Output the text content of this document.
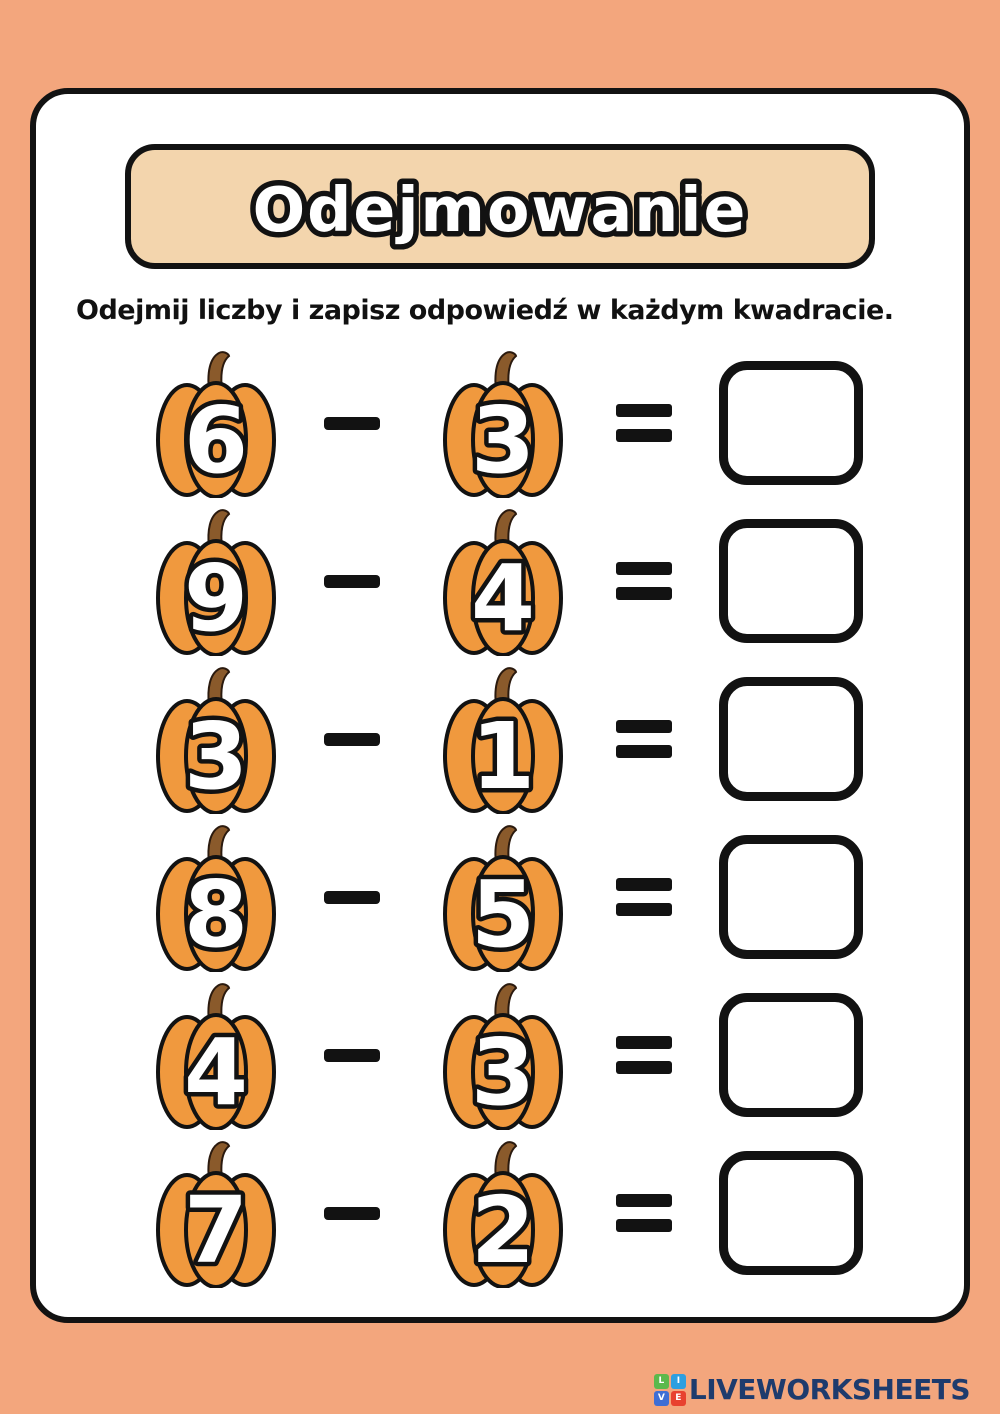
Odejmowanie

Odejmij liczby i zapisz odpowiedź w każdym kwadracie.

6 3
9 4
3 1
8 5
4 3
7 2
L	I
V	E LIVEWORKSHEETS
